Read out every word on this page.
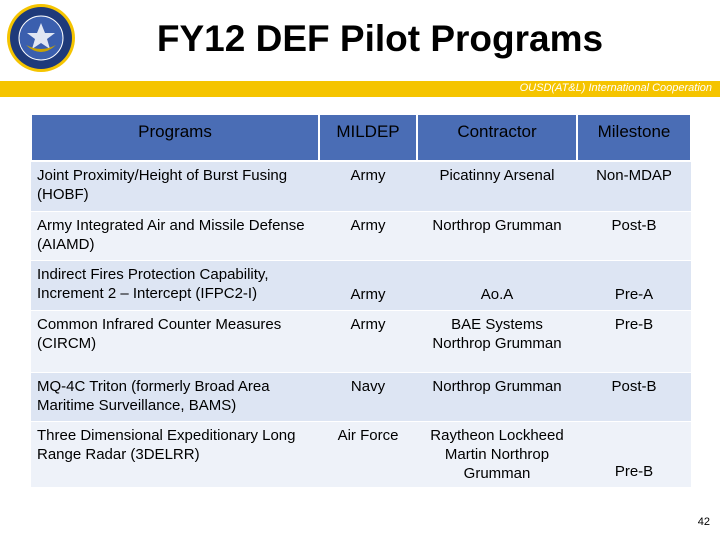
FY12 DEF Pilot Programs
OUSD(AT&L) International Cooperation
Programs	MILDEP	Contractor	Milestone
Joint Proximity/Height of Burst Fusing (HOBF)	Army	Picatinny Arsenal	Non-MDAP
Army Integrated Air and Missile Defense (AIAMD)	Army	Northrop Grumman	Post-B
Indirect Fires Protection Capability, Increment 2 – Intercept (IFPC2-I)	Army	Ao.A	Pre-A
Common Infrared Counter Measures (CIRCM)	Army	BAE Systems Northrop Grumman	Pre-B
MQ-4C Triton (formerly Broad Area Maritime Surveillance, BAMS)	Navy	Northrop Grumman	Post-B
Three Dimensional Expeditionary Long Range Radar (3DELRR)	Air Force	Raytheon Lockheed Martin Northrop Grumman	Pre-B
42
